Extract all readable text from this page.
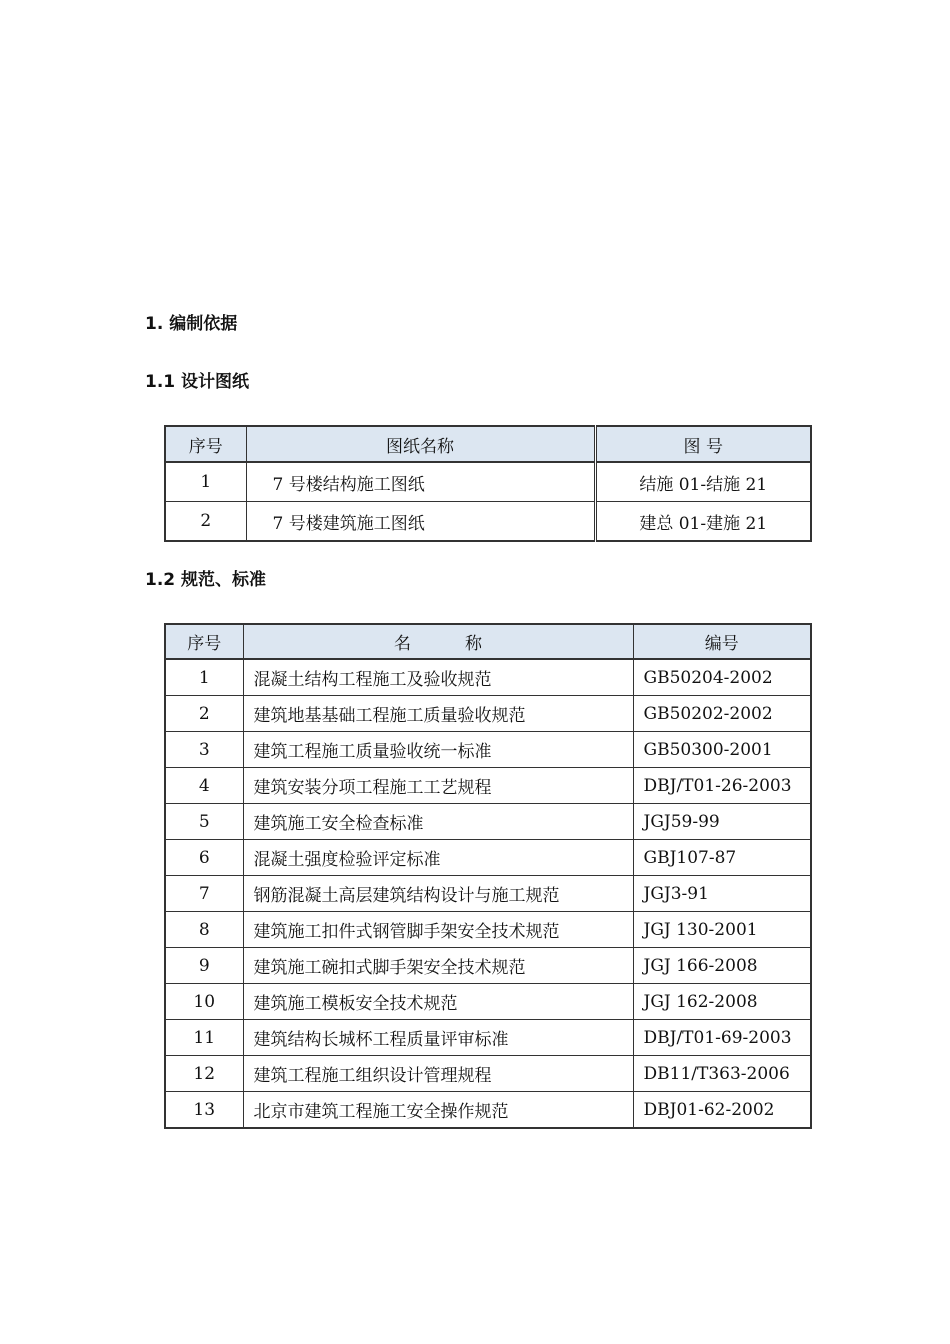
1. 编制依据
1.1 设计图纸
序号	图纸名称	图 号
1	7 号楼结构施工图纸	结施 01-结施 21
2	7 号楼建筑施工图纸	建总 01-建施 21
1.2 规范、标准
序号	名          称	编号
1	混凝土结构工程施工及验收规范	GB50204-2002
2	建筑地基基础工程施工质量验收规范	GB50202-2002
3	建筑工程施工质量验收统一标准	GB50300-2001
4	建筑安装分项工程施工工艺规程	DBJ/T01-26-2003
5	建筑施工安全检查标准	JGJ59-99
6	混凝土强度检验评定标准	GBJ107-87
7	钢筋混凝土高层建筑结构设计与施工规范	JGJ3-91
8	建筑施工扣件式钢管脚手架安全技术规范	JGJ 130-2001
9	建筑施工碗扣式脚手架安全技术规范	JGJ 166-2008
10	建筑施工模板安全技术规范	JGJ 162-2008
11	建筑结构长城杯工程质量评审标准	DBJ/T01-69-2003
12	建筑工程施工组织设计管理规程	DB11/T363-2006
13	北京市建筑工程施工安全操作规范	DBJ01-62-2002
